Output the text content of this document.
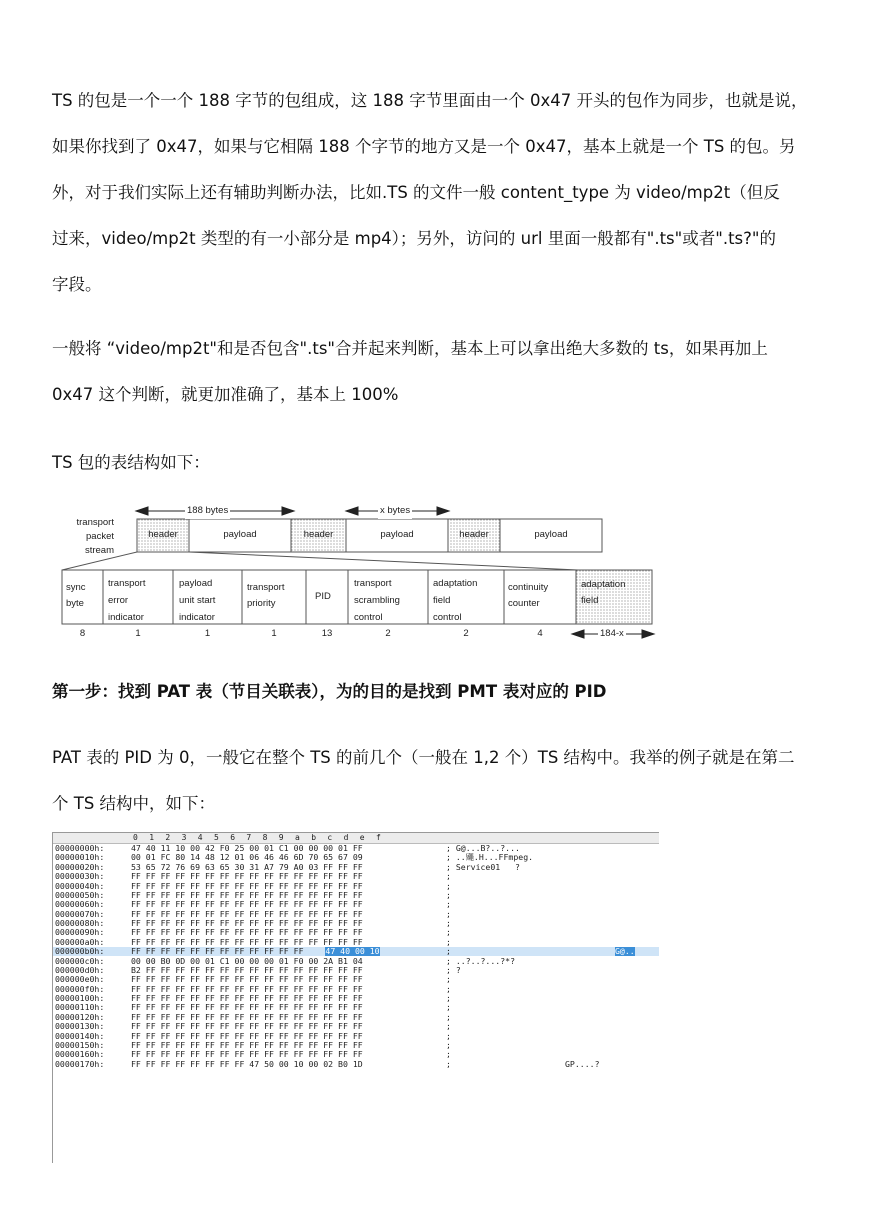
TS 的包是一个一个 188 字节的包组成，这 188 字节里面由一个 0x47 开头的包作为同步，也就是说，
如果你找到了 0x47，如果与它相隔 188 个字节的地方又是一个 0x47，基本上就是一个 TS 的包。另
外，对于我们实际上还有辅助判断办法，比如.TS 的文件一般 content_type 为 video/mp2t（但反
过来，video/mp2t 类型的有一小部分是 mp4）；另外，访问的 url 里面一般都有".ts"或者".ts?"的
字段。
一般将 “video/mp2t"和是否包含".ts"合并起来判断，基本上可以拿出绝大多数的 ts，如果再加上
0x47 这个判断，就更加准确了，基本上 100%
TS 包的表结构如下：
188 bytes	x bytes
transport
packet
stream
header	payload	header	payload	header	payload
sync
byte
transport
error
indicator
payload
unit start
indicator
transport
priority
PID
transport
scrambling
control
adaptation
field
control
continuity
counter
adaptation
field
8	1	1	1	13	2	2	4	184-x
第一步：找到 PAT 表（节目关联表），为的目的是找到 PMT 表对应的 PID
PAT 表的 PID 为 0，一般它在整个 TS 的前几个（一般在 1,2 个）TS 结构中。我举的例子就是在第二
个 TS 结构中，如下：
0 1 2 3 4 5 6 7 8 9 a b c d e f
00000000h:	47 40 11 10 00 42 F0 25 00 01 C1 00 00 00 01 FF	; G@...B?..?...
00000010h:	00 01 FC 80 14 48 12 01 06 46 46 6D 70 65 67 09	; ..鼆.H...FFmpeg.
00000020h:	53 65 72 76 69 63 65 30 31 A7 79 A0 03 FF FF FF	; Service01   ?
00000030h:	FF FF FF FF FF FF FF FF FF FF FF FF FF FF FF FF	;
00000040h:	FF FF FF FF FF FF FF FF FF FF FF FF FF FF FF FF	;
00000050h:	FF FF FF FF FF FF FF FF FF FF FF FF FF FF FF FF	;
00000060h:	FF FF FF FF FF FF FF FF FF FF FF FF FF FF FF FF	;
00000070h:	FF FF FF FF FF FF FF FF FF FF FF FF FF FF FF FF	;
00000080h:	FF FF FF FF FF FF FF FF FF FF FF FF FF FF FF FF	;
00000090h:	FF FF FF FF FF FF FF FF FF FF FF FF FF FF FF FF	;
000000a0h:	FF FF FF FF FF FF FF FF FF FF FF FF FF FF FF FF	;
000000b0h:	FF FF FF FF FF FF FF FF FF FF FF FF	47 40 00 10	;	G@..
000000c0h:	00 00 B0 0D 00 01 C1 00 00 00 01 F0 00 2A B1 04	; ..?..?...?*?
000000d0h:	B2 FF FF FF FF FF FF FF FF FF FF FF FF FF FF FF	; ?
000000e0h:	FF FF FF FF FF FF FF FF FF FF FF FF FF FF FF FF	;
000000f0h:	FF FF FF FF FF FF FF FF FF FF FF FF FF FF FF FF	;
00000100h:	FF FF FF FF FF FF FF FF FF FF FF FF FF FF FF FF	;
00000110h:	FF FF FF FF FF FF FF FF FF FF FF FF FF FF FF FF	;
00000120h:	FF FF FF FF FF FF FF FF FF FF FF FF FF FF FF FF	;
00000130h:	FF FF FF FF FF FF FF FF FF FF FF FF FF FF FF FF	;
00000140h:	FF FF FF FF FF FF FF FF FF FF FF FF FF FF FF FF	;
00000150h:	FF FF FF FF FF FF FF FF FF FF FF FF FF FF FF FF	;
00000160h:	FF FF FF FF FF FF FF FF FF FF FF FF FF FF FF FF	;
00000170h:	FF FF FF FF FF FF FF FF 47 50 00 10 00 02 B0 1D	;	GP....?
